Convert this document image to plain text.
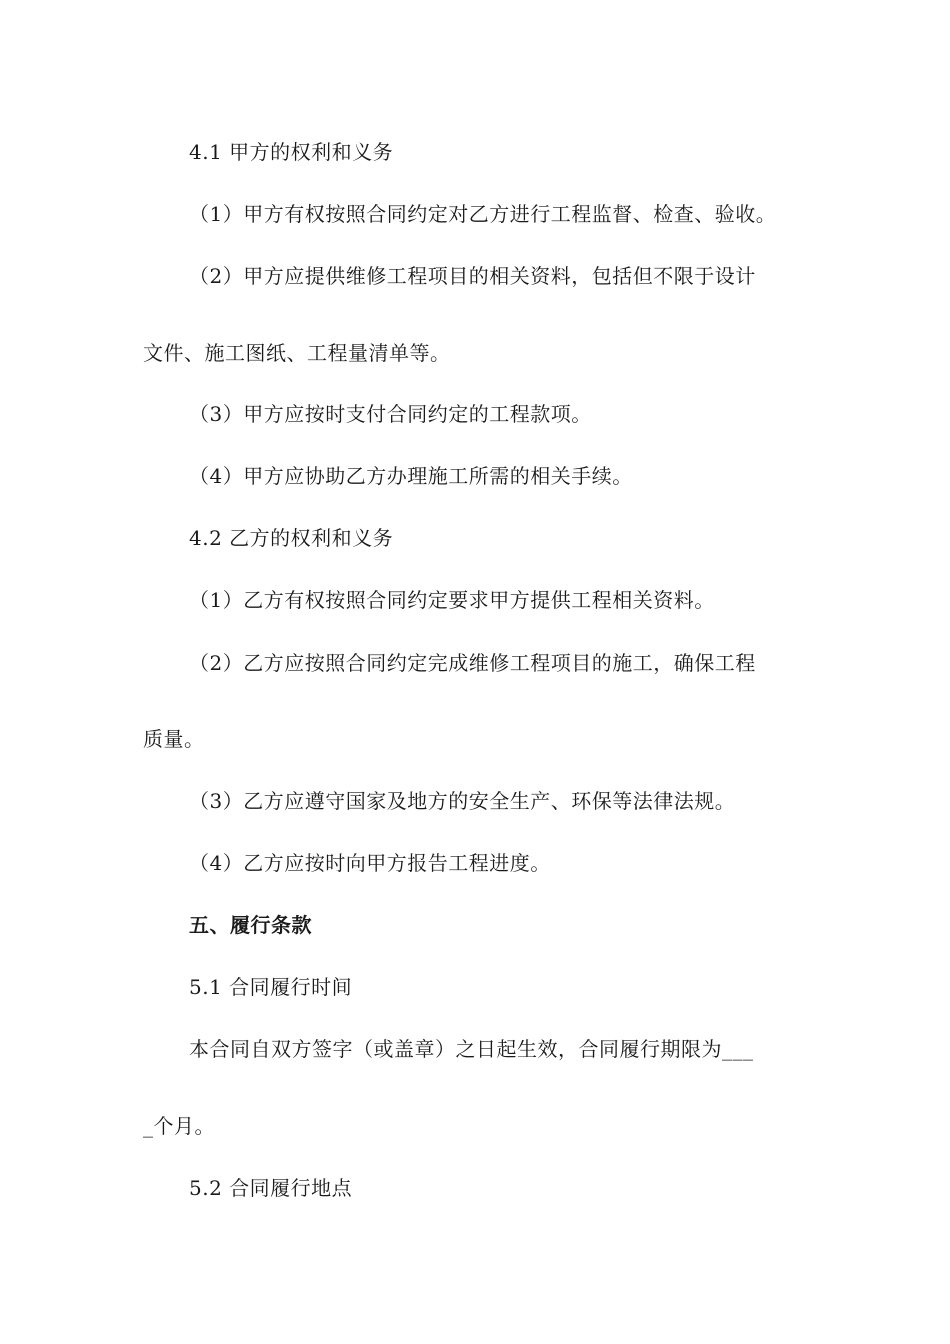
4.1 甲方的权利和义务
（1）甲方有权按照合同约定对乙方进行工程监督、检查、验收。
（2）甲方应提供维修工程项目的相关资料，包括但不限于设计
文件、施工图纸、工程量清单等。
（3）甲方应按时支付合同约定的工程款项。
（4）甲方应协助乙方办理施工所需的相关手续。
4.2 乙方的权利和义务
（1）乙方有权按照合同约定要求甲方提供工程相关资料。
（2）乙方应按照合同约定完成维修工程项目的施工，确保工程
质量。
（3）乙方应遵守国家及地方的安全生产、环保等法律法规。
（4）乙方应按时向甲方报告工程进度。
五、履行条款
5.1 合同履行时间
本合同自双方签字（或盖章）之日起生效，合同履行期限为___
_个月。
5.2 合同履行地点
